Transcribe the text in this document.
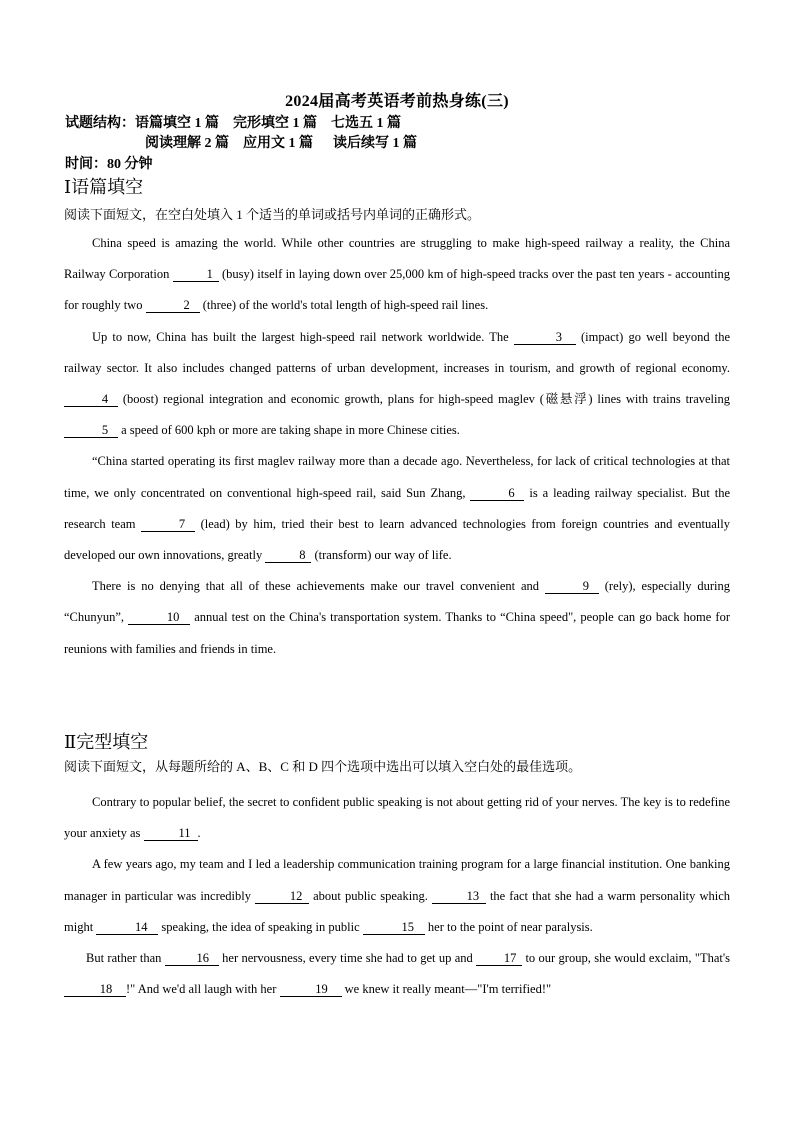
2024届高考英语考前热身练(三)
试题结构：语篇填空 1 篇 完形填空 1 篇 七选五 1 篇
阅读理解 2 篇 应用文 1 篇 读后续写 1 篇
时间：80 分钟
Ⅰ语篇填空
阅读下面短文，在空白处填入 1 个适当的单词或括号内单词的正确形式。

China speed is amazing the world. While other countries are struggling to make high-speed railway a reality, the China Railway Corporation	1 (busy) itself in laying down over 25,000 km of high-speed tracks over the past ten years - accounting for roughly two	2 (three) of the world's total length of high-speed rail lines.

Up to now, China has built the largest high-speed rail network worldwide. The	3 (impact) go well beyond the railway sector. It also includes changed patterns of urban development, increases in tourism, and growth of regional economy. 4 (boost) regional integration and economic growth, plans for high-speed maglev (磁悬浮) lines with trains traveling 5 a speed of 600 kph or more are taking shape in more Chinese cities.

“China started operating its first maglev railway more than a decade ago. Nevertheless, for lack of critical technologies at that time, we only concentrated on conventional high-speed rail, said Sun Zhang,	6 is a leading railway specialist. But the research team	7 (lead) by him, tried their best to learn advanced technologies from foreign countries and eventually developed our own innovations, greatly	8 (transform) our way of life.

There is no denying that all of these achievements make our travel convenient and	9 (rely), especially during “Chunyun”,	10 annual test on the China's transportation system. Thanks to “China speed", people can go back home for reunions with families and friends in time.

Ⅱ完型填空
阅读下面短文，从每题所给的 A、B、C 和 D 四个选项中选出可以填入空白处的最佳选项。

Contrary to popular belief, the secret to confident public speaking is not about getting rid of your nerves. The key is to redefine your anxiety as	11 .

A few years ago, my team and I led a leadership communication training program for a large financial institution. One banking manager in particular was incredibly	12 about public speaking.	13 the fact that she had a warm personality which might	14 speaking, the idea of speaking in public	15 her to the point of near paralysis.

But rather than	16 her nervousness, every time she had to get up and 17 to our group, she would exclaim, "That's 18 !" And we'd all laugh with her	19 we knew it really meant—"I'm terrified!"
